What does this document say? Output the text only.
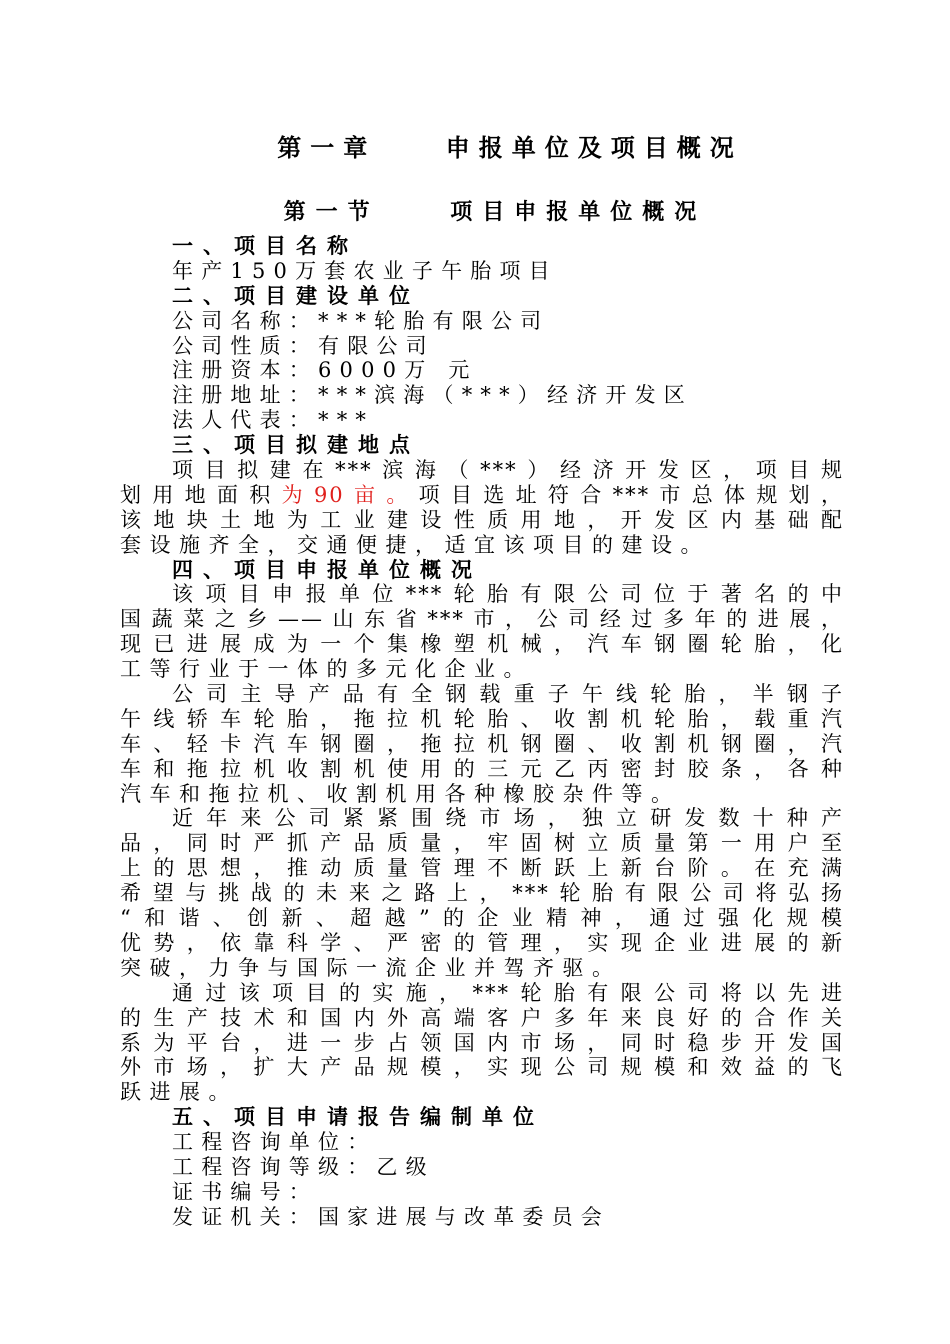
第一章    申报单位及项目概况
第一节    项目申报单位概况
一、项目名称
年产150万套农业子午胎项目
二、项目建设单位
公司名称：***轮胎有限公司
公司性质：有限公司
注册资本：6000万 元
注册地址：***滨海（***）经济开发区
法人代表：***
三、项目拟建地点
项目拟建在***滨海（***）经济开发区，项目规
划用地面积为90亩。项目选址符合***市总体规划，
该地块土地为工业建设性质用地，开发区内基础配
套设施齐全，交通便捷，适宜该项目的建设。
四、项目申报单位概况
该项目申报单位***轮胎有限公司位于著名的中
国蔬菜之乡——山东省***市，公司经过多年的进展，
现已进展成为一个集橡塑机械，汽车钢圈轮胎，化
工等行业于一体的多元化企业。
公司主导产品有全钢载重子午线轮胎，半钢子
午线轿车轮胎，拖拉机轮胎、收割机轮胎，载重汽
车、轻卡汽车钢圈，拖拉机钢圈、收割机钢圈，汽
车和拖拉机收割机使用的三元乙丙密封胶条，各种
汽车和拖拉机、收割机用各种橡胶杂件等。
近年来公司紧紧围绕市场，独立研发数十种产
品，同时严抓产品质量，牢固树立质量第一用户至
上的思想，推动质量管理不断跃上新台阶。在充满
希望与挑战的未来之路上，***轮胎有限公司将弘扬
“和谐、创新、超越”的企业精神，通过强化规模
优势，依靠科学、严密的管理，实现企业进展的新
突破，力争与国际一流企业并驾齐驱。
通过该项目的实施，***轮胎有限公司将以先进
的生产技术和国内外高端客户多年来良好的合作关
系为平台，进一步占领国内市场，同时稳步开发国
外市场，扩大产品规模，实现公司规模和效益的飞
跃进展。
五、项目申请报告编制单位
工程咨询单位：
工程咨询等级：乙级
证书编号：
发证机关：国家进展与改革委员会
